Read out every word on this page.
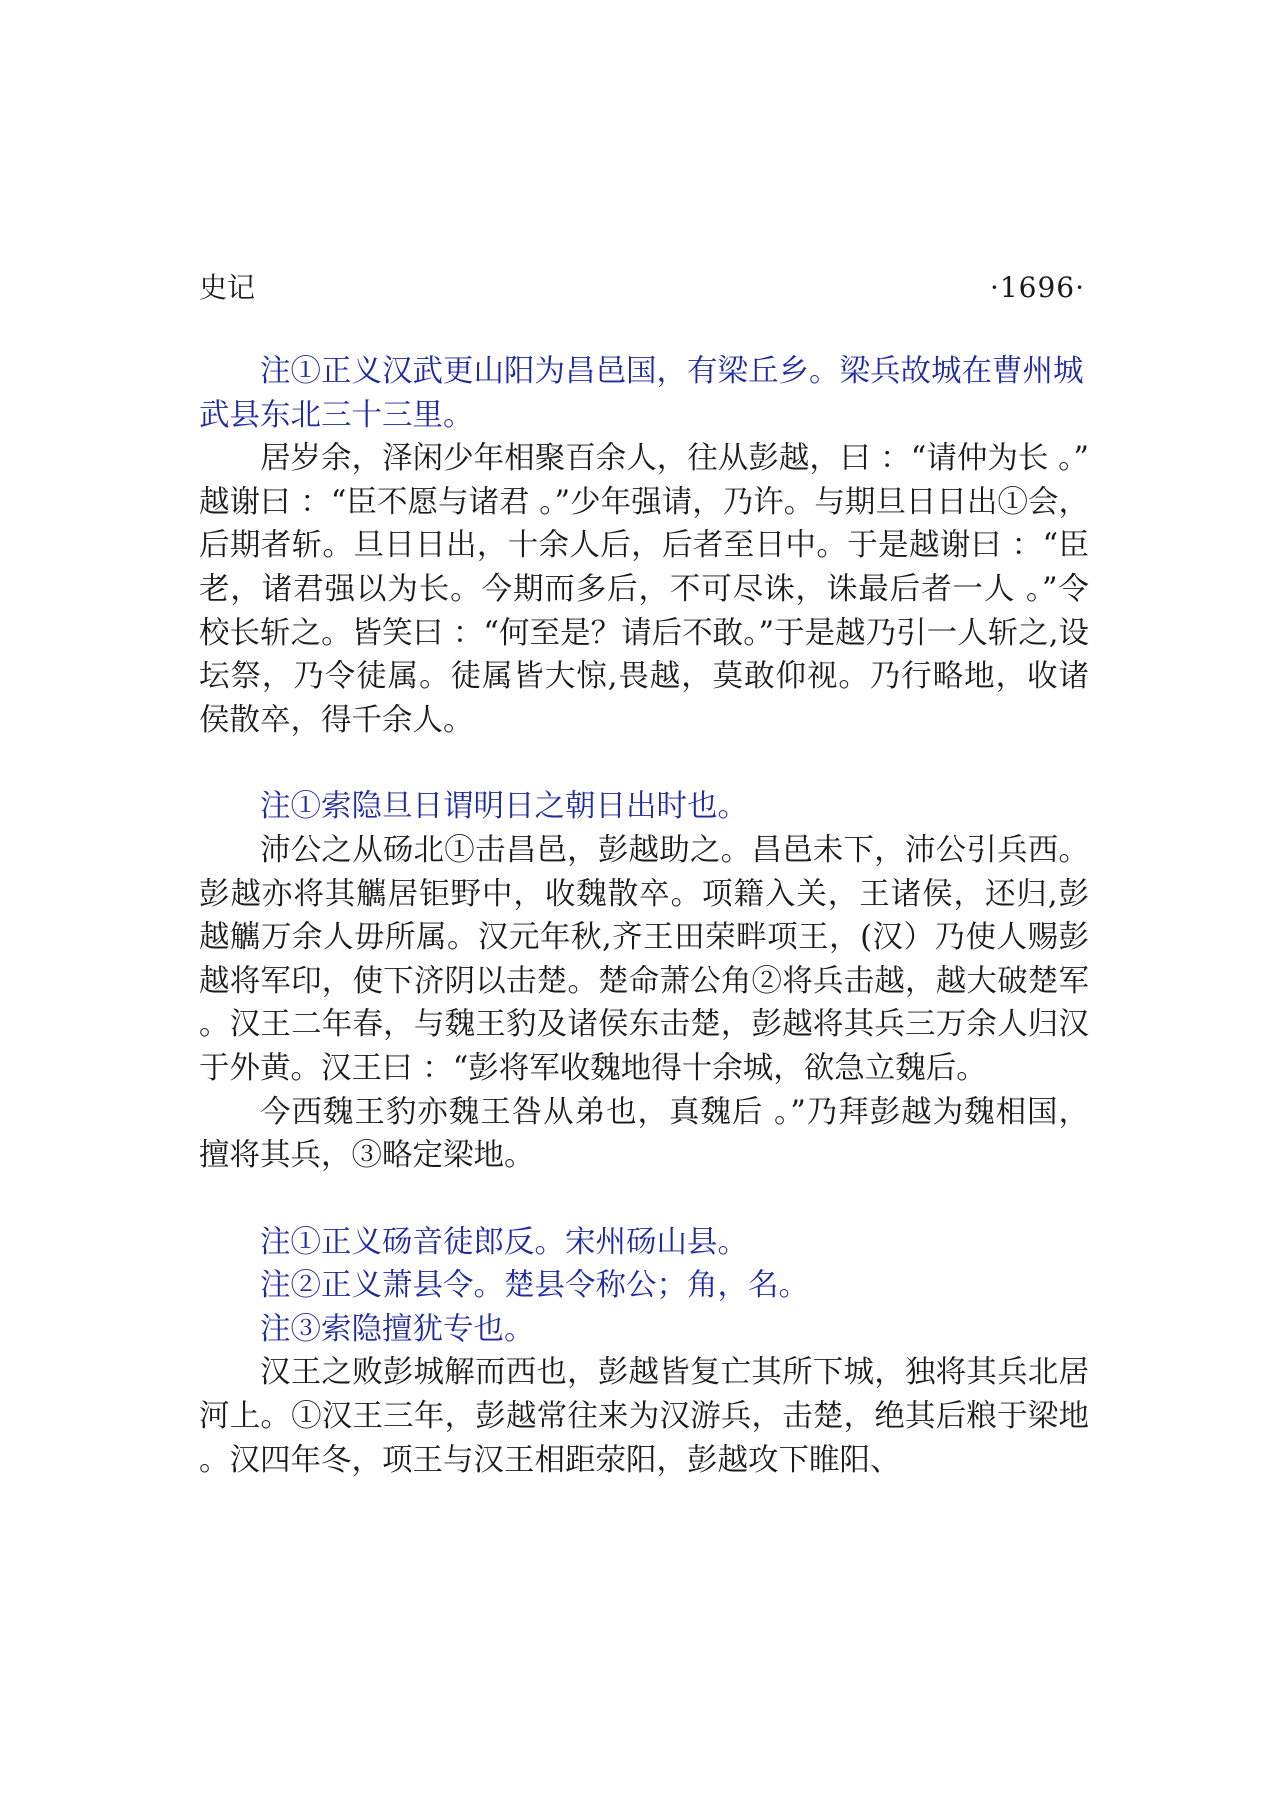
史记	·1696·

注①正义汉武更山阳为昌邑国，有梁丘乡。梁兵故城在曹州城武县东北三十三里。

居岁余，泽闲少年相聚百余人，往从彭越，曰 ：“请仲为长 。”越谢曰 ：“臣不愿与诸君 。”少年强请，乃许。与期旦日日出①会，后期者斩。旦日日出，十余人后，后者至日中。于是越谢曰 ：“臣老，诸君强以为长。今期而多后，不可尽诛，诛最后者一人 。”令校长斩之。皆笑曰 ：“何至是？请后不敢。”于是越乃引一人斩之,设坛祭，乃令徒属。徒属皆大惊,畏越，莫敢仰视。乃行略地，收诸侯散卒，得千余人。

注①索隐旦日谓明日之朝日出时也。

沛公之从砀北①击昌邑，彭越助之。昌邑未下，沛公引兵西。彭越亦将其觽居钜野中，收魏散卒。项籍入关，王诸侯，还归,彭越觽万余人毋所属。汉元年秋,齐王田荣畔项王，(汉）乃使人赐彭越将军印，使下济阴以击楚。楚命萧公角②将兵击越，越大破楚军。汉王二年春，与魏王豹及诸侯东击楚，彭越将其兵三万余人归汉于外黄。汉王曰 ：“彭将军收魏地得十余城，欲急立魏后。

今西魏王豹亦魏王咎从弟也，真魏后 。”乃拜彭越为魏相国，擅将其兵，③略定梁地。

注①正义砀音徒郎反。宋州砀山县。

注②正义萧县令。楚县令称公；角，名。

注③索隐擅犹专也。

汉王之败彭城解而西也，彭越皆复亡其所下城，独将其兵北居河上。①汉王三年，彭越常往来为汉游兵，击楚，绝其后粮于梁地。汉四年冬，项王与汉王相距荥阳，彭越攻下睢阳、
